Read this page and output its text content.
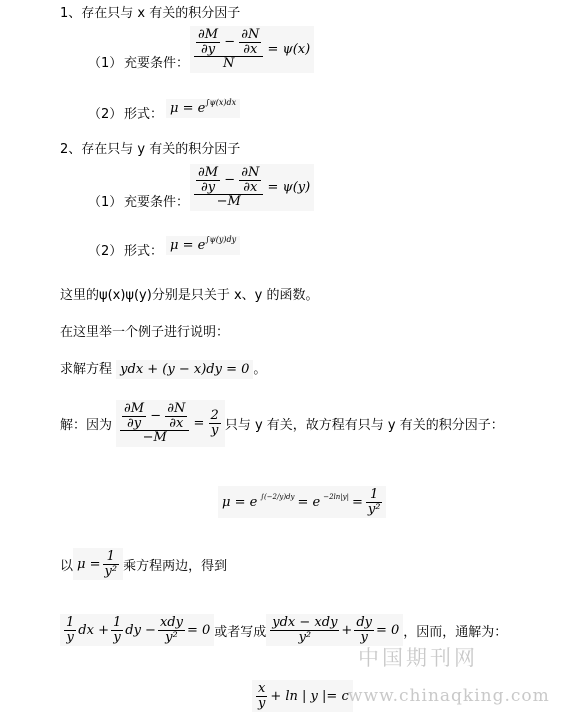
1、存在只与 x 有关的积分因子
（1） 充要条件： $\frac{\frac{\partial M}{\partial y} - \frac{\partial N}{\partial x}}{N} = \psi(x)$
（2） 形式： $\mu = e^{\int\psi(x)dx}$
2、存在只与 y 有关的积分因子
（1） 充要条件： $\frac{\frac{\partial M}{\partial y} - \frac{\partial N}{\partial x}}{-M} = \psi(y)$
（2） 形式： $\mu = e^{\int\psi(y)dy}$
这里的ψ(x)ψ(y)分别是只关于 x、y 的函数。
在这里举一个例子进行说明：
求解方程 ydx + (y − x)dy = 0 。
解：因为 $\frac{\frac{\partial M}{\partial y} - \frac{\partial N}{\partial x}}{-M} = \frac{2}{y}$ 只与 y 有关，故方程有只与 y 有关的积分因子：
μ = e $\int(-2/y)dy = e -2\ln|y| = \frac{1}{\text{y²}}$
以 $\mu = \frac{1}{\text{y²}}$ 乘方程两边，得到
$\frac{1}{y}$ dx + $\frac{1}{y}$ dy − $\frac{\text{xdy}}{\text{y²}} = 0$ 或者写成 $\frac{\text{ydx − xdy}}{\text{y²}} + \frac{dy}{y} = 0$ ，因而，通解为：
$\frac{x}{y} + \ln$ | y |= c
中国期刊网
www.chinaqking.com
